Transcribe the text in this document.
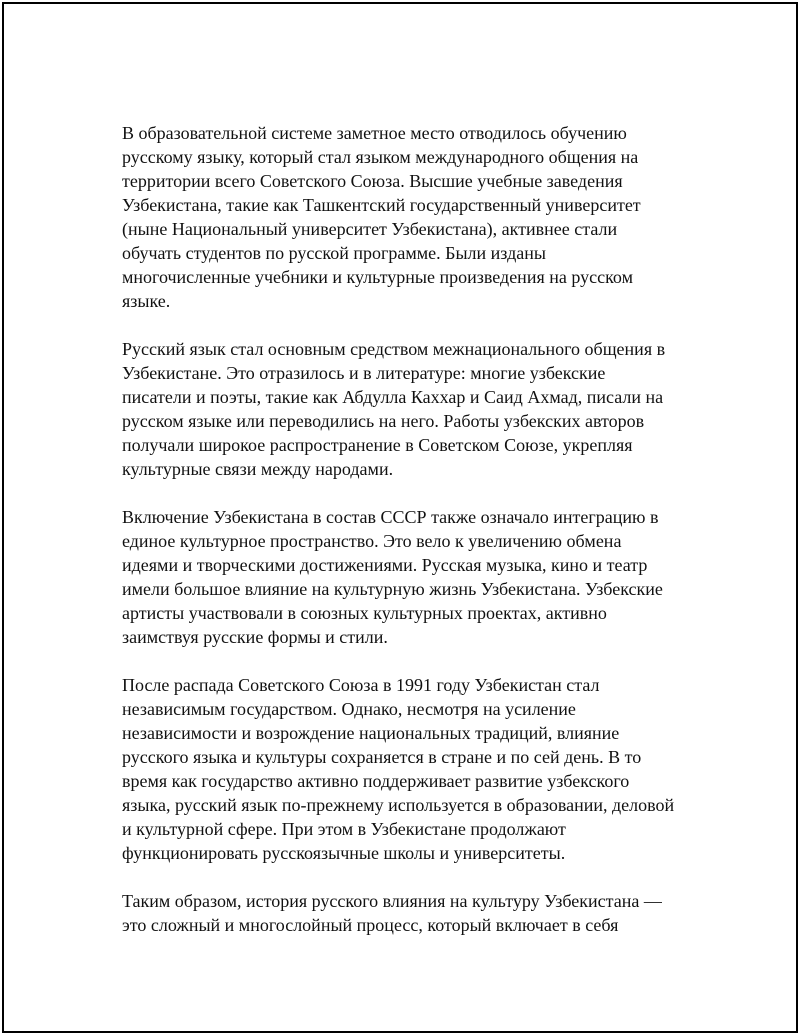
В образовательной системе заметное место отводилось обучению
русскому языку, который стал языком международного общения на
территории всего Советского Союза. Высшие учебные заведения
Узбекистана, такие как Ташкентский государственный университет
(ныне Национальный университет Узбекистана), активнее стали
обучать студентов по русской программе. Были изданы
многочисленные учебники и культурные произведения на русском
языке.

Русский язык стал основным средством межнационального общения в
Узбекистане. Это отразилось и в литературе: многие узбекские
писатели и поэты, такие как Абдулла Каххар и Саид Ахмад, писали на
русском языке или переводились на него. Работы узбекских авторов
получали широкое распространение в Советском Союзе, укрепляя
культурные связи между народами.

Включение Узбекистана в состав СССР также означало интеграцию в
единое культурное пространство. Это вело к увеличению обмена
идеями и творческими достижениями. Русская музыка, кино и театр
имели большое влияние на культурную жизнь Узбекистана. Узбекские
артисты участвовали в союзных культурных проектах, активно
заимствуя русские формы и стили.

После распада Советского Союза в 1991 году Узбекистан стал
независимым государством. Однако, несмотря на усиление
независимости и возрождение национальных традиций, влияние
русского языка и культуры сохраняется в стране и по сей день. В то
время как государство активно поддерживает развитие узбекского
языка, русский язык по-прежнему используется в образовании, деловой
и культурной сфере. При этом в Узбекистане продолжают
функционировать русскоязычные школы и университеты.

Таким образом, история русского влияния на культуру Узбекистана —
это сложный и многослойный процесс, который включает в себя
